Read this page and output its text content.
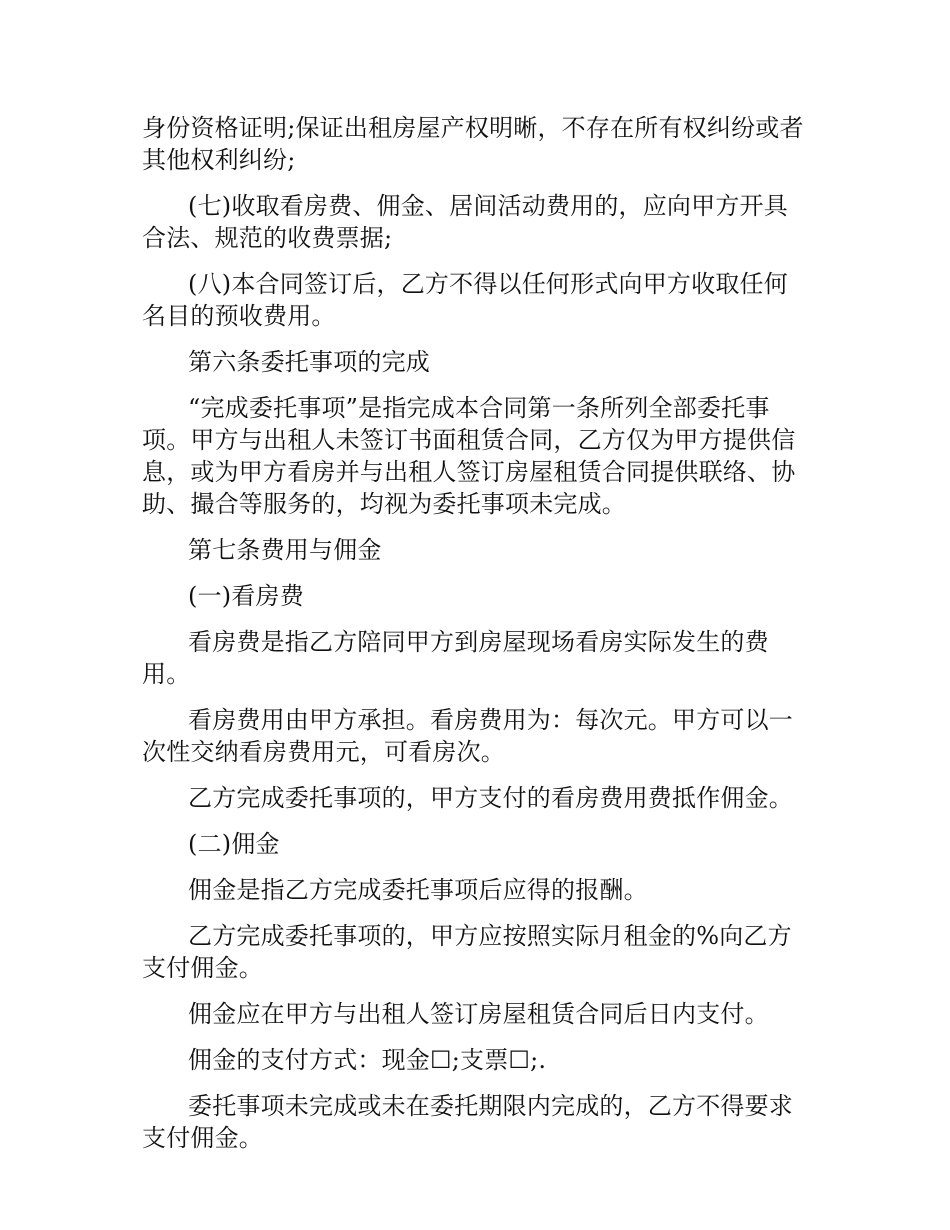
身份资格证明;保证出租房屋产权明晰，不存在所有权纠纷或者其他权利纠纷;

(七)收取看房费、佣金、居间活动费用的，应向甲方开具合法、规范的收费票据;

(八)本合同签订后，乙方不得以任何形式向甲方收取任何名目的预收费用。

第六条委托事项的完成

“完成委托事项”是指完成本合同第一条所列全部委托事项。甲方与出租人未签订书面租赁合同，乙方仅为甲方提供信息，或为甲方看房并与出租人签订房屋租赁合同提供联络、协助、撮合等服务的，均视为委托事项未完成。

第七条费用与佣金

(一)看房费

看房费是指乙方陪同甲方到房屋现场看房实际发生的费用。

看房费用由甲方承担。看房费用为：每次元。甲方可以一次性交纳看房费用元，可看房次。

乙方完成委托事项的，甲方支付的看房费用费抵作佣金。

(二)佣金

佣金是指乙方完成委托事项后应得的报酬。

乙方完成委托事项的，甲方应按照实际月租金的%向乙方支付佣金。

佣金应在甲方与出租人签订房屋租赁合同后日内支付。

佣金的支付方式：现金☐;支票☐;.

委托事项未完成或未在委托期限内完成的，乙方不得要求支付佣金。
